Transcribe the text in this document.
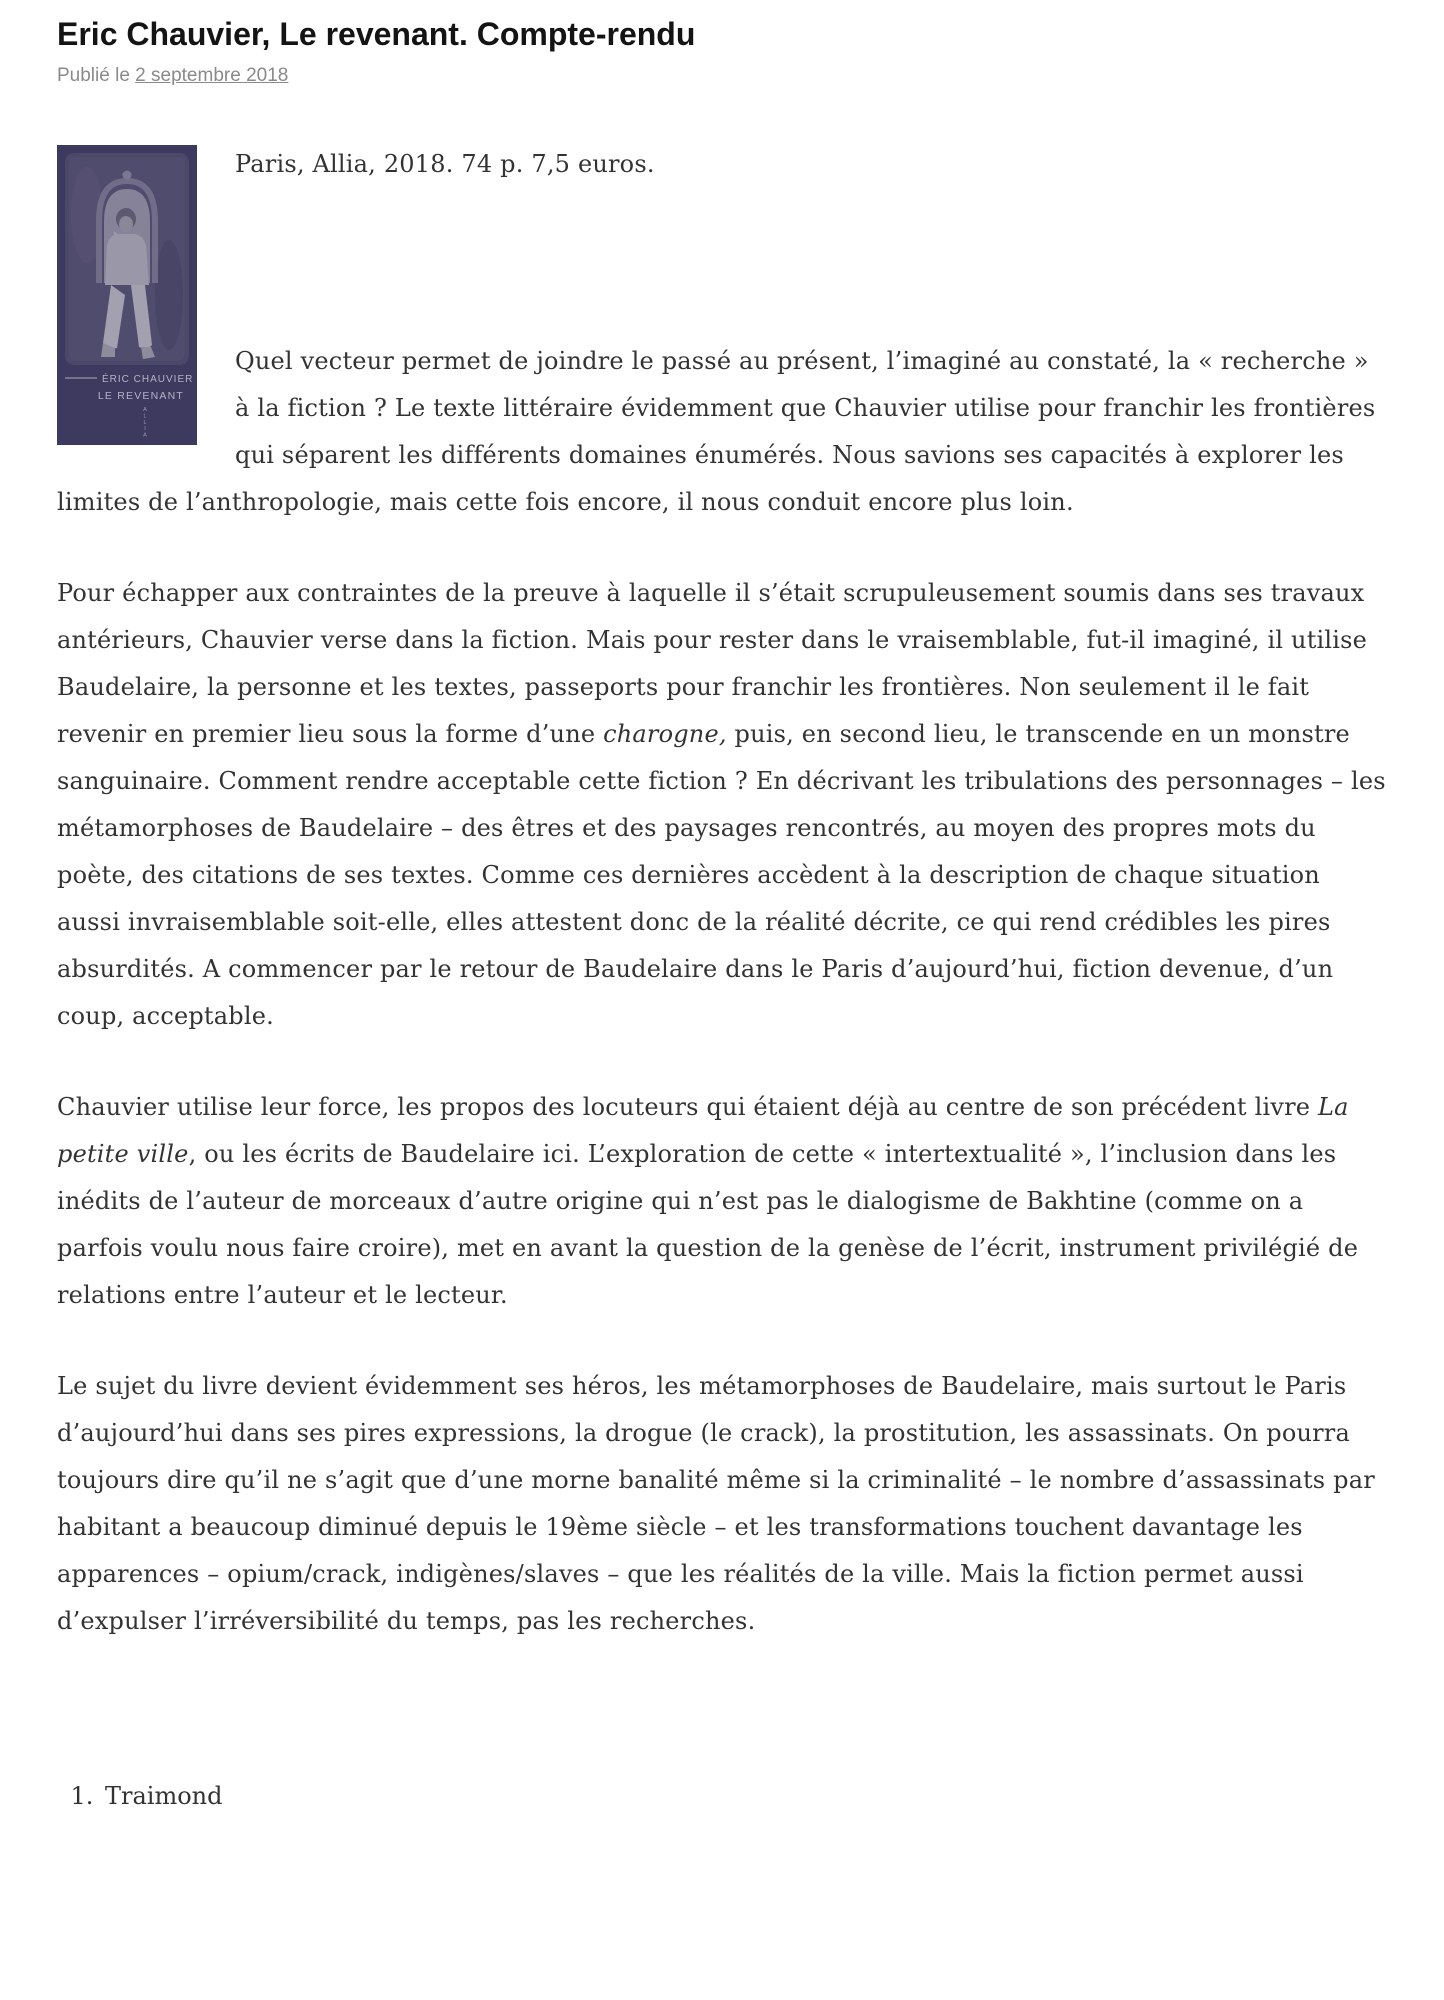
Eric Chauvier, Le revenant. Compte-rendu
Publié le 2 septembre 2018
ÉRIC CHAUVIER
LE REVENANT
A L L I A

Paris, Allia, 2018. 74 p. 7,5 euros.

Quel vecteur permet de joindre le passé au présent, l’imaginé au constaté, la « recherche » à la fiction ? Le texte littéraire évidemment que Chauvier utilise pour franchir les frontières qui séparent les différents domaines énumérés. Nous savions ses capacités à explorer les limites de l’anthropologie, mais cette fois encore, il nous conduit encore plus loin.

Pour échapper aux contraintes de la preuve à laquelle il s’était scrupuleusement soumis dans ses travaux antérieurs, Chauvier verse dans la fiction. Mais pour rester dans le vraisemblable, fut-il imaginé, il utilise Baudelaire, la personne et les textes, passeports pour franchir les frontières. Non seulement il le fait revenir en premier lieu sous la forme d’une charogne, puis, en second lieu, le transcende en un monstre sanguinaire. Comment rendre acceptable cette fiction ? En décrivant les tribulations des personnages – les métamorphoses de Baudelaire – des êtres et des paysages rencontrés, au moyen des propres mots du poète, des citations de ses textes. Comme ces dernières accèdent à la description de chaque situation aussi invraisemblable soit-elle, elles attestent donc de la réalité décrite, ce qui rend crédibles les pires absurdités. A commencer par le retour de Baudelaire dans le Paris d’aujourd’hui, fiction devenue, d’un coup, acceptable.

Chauvier utilise leur force, les propos des locuteurs qui étaient déjà au centre de son précédent livre La petite ville, ou les écrits de Baudelaire ici. L’exploration de cette « intertextualité », l’inclusion dans les inédits de l’auteur de morceaux d’autre origine qui n’est pas le dialogisme de Bakhtine (comme on a parfois voulu nous faire croire), met en avant la question de la genèse de l’écrit, instrument privilégié de relations entre l’auteur et le lecteur.

Le sujet du livre devient évidemment ses héros, les métamorphoses de Baudelaire, mais surtout le Paris d’aujourd’hui dans ses pires expressions, la drogue (le crack), la prostitution, les assassinats. On pourra toujours dire qu’il ne s’agit que d’une morne banalité même si la criminalité – le nombre d’assassinats par habitant a beaucoup diminué depuis le 19ème siècle – et les transformations touchent davantage les apparences – opium/crack, indigènes/slaves – que les réalités de la ville. Mais la fiction permet aussi d’expulser l’irréversibilité du temps, pas les recherches.

1. Traimond
